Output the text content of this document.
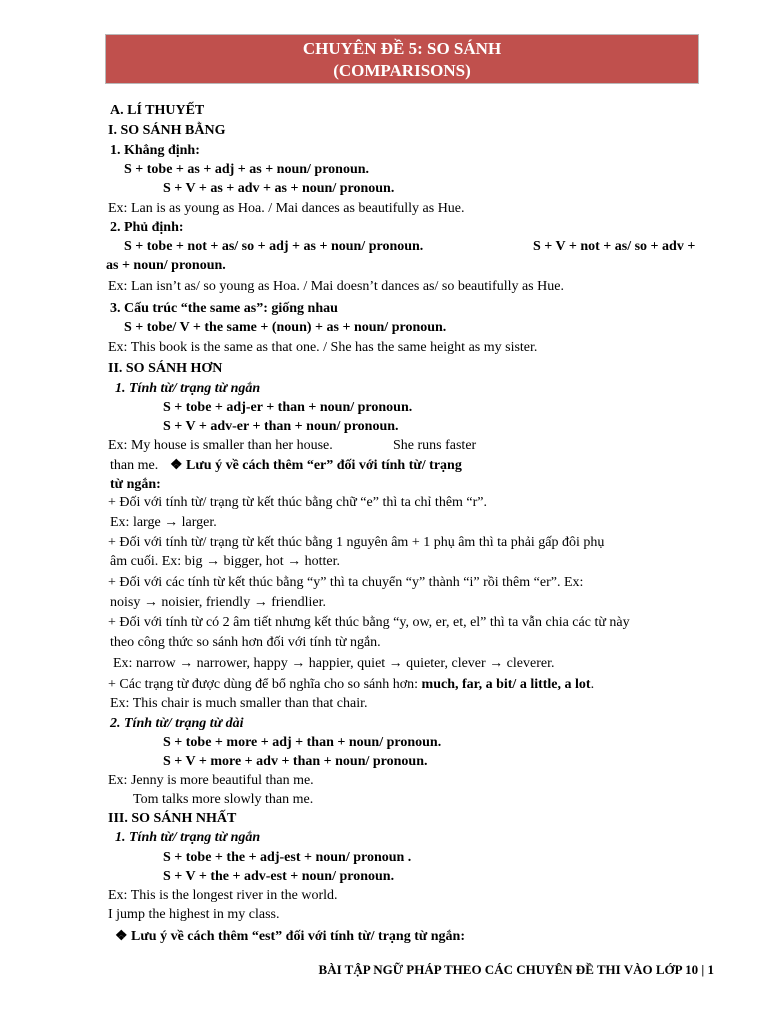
CHUYÊN ĐỀ 5: SO SÁNH
(COMPARISONS)
A. LÍ THUYẾT
I. SO SÁNH BẰNG
1. Khẳng định:
S + tobe + as + adj + as + noun/ pronoun.
S + V + as + adv + as + noun/ pronoun.
Ex: Lan is as young as Hoa. / Mai dances as beautifully as Hue.
2. Phủ định:
S + tobe + not + as/ so + adj + as + noun/ pronoun.	S + V + not + as/ so + adv +
as + noun/ pronoun.
Ex: Lan isn’t as/ so young as Hoa. / Mai doesn’t dances as/ so beautifully as Hue.
3. Cấu trúc “the same as”: giống nhau
S + tobe/ V + the same + (noun) + as + noun/ pronoun.
Ex: This book is the same as that one. / She has the same height as my sister.
II. SO SÁNH HƠN
1. Tính từ/ trạng từ ngắn
S + tobe + adj-er + than + noun/ pronoun.
S + V + adv-er + than + noun/ pronoun.
Ex: My house is smaller than her house.	She runs faster
than me. ❖ Lưu ý về cách thêm “er” đối với tính từ/ trạng
từ ngắn:
+ Đối với tính từ/ trạng từ kết thúc bằng chữ “e” thì ta chỉ thêm “r”.
Ex: large → larger.
+ Đối với tính từ/ trạng từ kết thúc bằng 1 nguyên âm + 1 phụ âm thì ta phải gấp đôi phụ
âm cuối. Ex: big → bigger, hot → hotter.
+ Đối với các tính từ kết thúc bằng “y” thì ta chuyển “y” thành “i” rồi thêm “er”. Ex:
noisy → noisier, friendly → friendlier.
+ Đối với tính từ có 2 âm tiết nhưng kết thúc bằng “y, ow, er, et, el” thì ta vẫn chia các từ này
theo công thức so sánh hơn đối với tính từ ngắn.
Ex: narrow → narrower, happy → happier, quiet → quieter, clever → cleverer.
+ Các trạng từ được dùng để bổ nghĩa cho so sánh hơn: much, far, a bit/ a little, a lot.
Ex: This chair is much smaller than that chair.
2. Tính từ/ trạng từ dài
S + tobe + more + adj + than + noun/ pronoun.
S + V + more + adv + than + noun/ pronoun.
Ex: Jenny is more beautiful than me.
Tom talks more slowly than me.
III. SO SÁNH NHẤT
1. Tính từ/ trạng từ ngắn
S + tobe + the + adj-est + noun/ pronoun .
S + V + the + adv-est + noun/ pronoun.
Ex: This is the longest river in the world.
I jump the highest in my class.
❖ Lưu ý về cách thêm “est” đối với tính từ/ trạng từ ngắn:
BÀI TẬP NGỮ PHÁP THEO CÁC CHUYÊN ĐỀ THI VÀO LỚP 10 | 1
